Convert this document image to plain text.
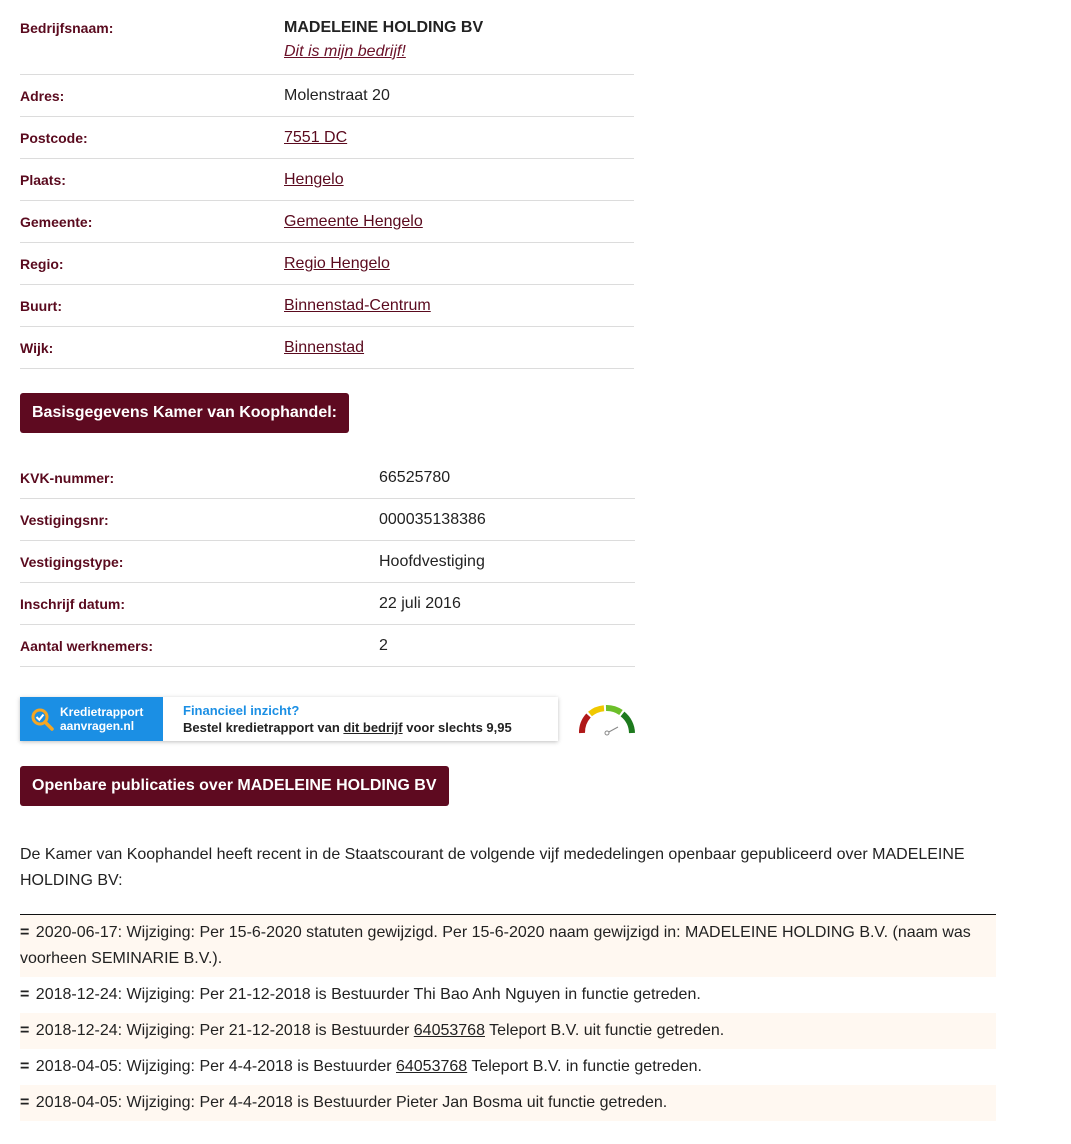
Bedrijfsnaam:	MADELEINE HOLDING BV
Dit is mijn bedrijf!
Adres:	Molenstraat 20
Postcode:	7551 DC
Plaats:	Hengelo
Gemeente:	Gemeente Hengelo
Regio:	Regio Hengelo
Buurt:	Binnenstad-Centrum
Wijk:	Binnenstad
Basisgegevens Kamer van Koophandel:
KVK-nummer:	66525780
Vestigingsnr:	000035138386
Vestigingstype:	Hoofdvestiging
Inschrijf datum:	22 juli 2016
Aantal werknemers:	2
Kredietrapport
aanvragen.nl
Financieel inzicht?
Bestel kredietrapport van dit bedrijf voor slechts 9,95
Openbare publicaties over MADELEINE HOLDING BV
De Kamer van Koophandel heeft recent in de Staatscourant de volgende vijf mededelingen openbaar gepubliceerd over MADELEINE HOLDING BV:
= 2020-06-17: Wijziging: Per 15-6-2020 statuten gewijzigd. Per 15-6-2020 naam gewijzigd in: MADELEINE HOLDING B.V. (naam was voorheen SEMINARIE B.V.).
= 2018-12-24: Wijziging: Per 21-12-2018 is Bestuurder Thi Bao Anh Nguyen in functie getreden.
= 2018-12-24: Wijziging: Per 21-12-2018 is Bestuurder 64053768 Teleport B.V. uit functie getreden.
= 2018-04-05: Wijziging: Per 4-4-2018 is Bestuurder 64053768 Teleport B.V. in functie getreden.
= 2018-04-05: Wijziging: Per 4-4-2018 is Bestuurder Pieter Jan Bosma uit functie getreden.
